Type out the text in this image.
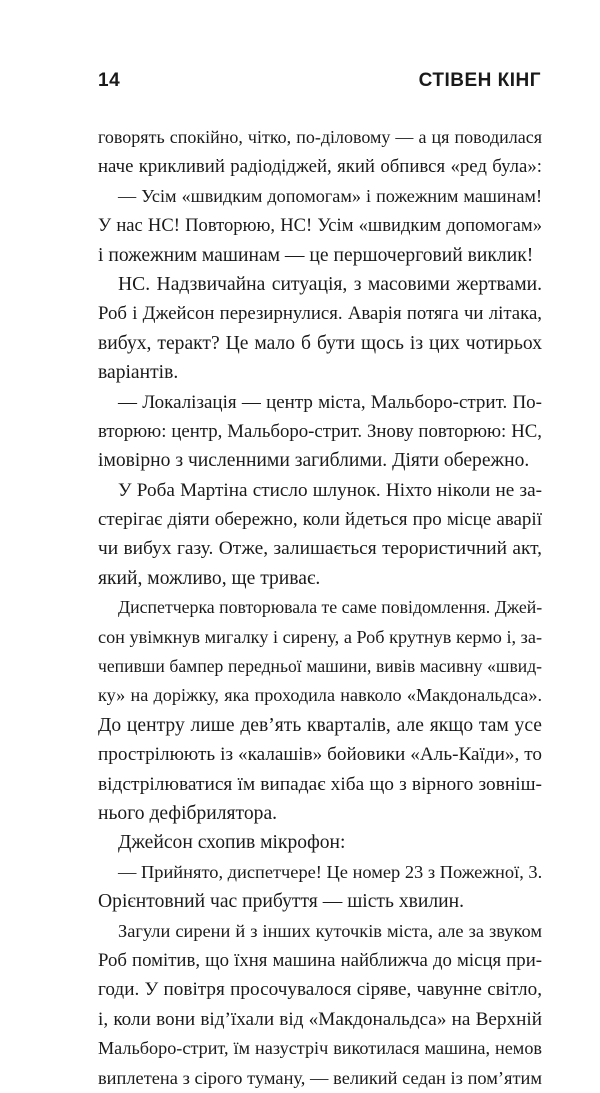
14	СТІВЕН КІНГ
говорять спокійно, чітко, по-діловому — а ця поводилася
наче крикливий радіодіджей, який обпився «ред була»:
— Усім «швидким допомогам» і пожежним машинам!
У нас НС! Повторюю, НС! Усім «швидким допомогам»
і пожежним машинам — це першочерговий виклик!
НС. Надзвичайна ситуація, з масовими жертвами.
Роб і Джейсон перезирнулися. Аварія потяга чи літака,
вибух, теракт? Це мало б бути щось із цих чотирьох
варіантів.
— Локалізація — центр міста, Мальборо-стрит. По-
вторюю: центр, Мальборо-стрит. Знову повторюю: НС,
імовірно з численними загиблими. Діяти обережно.
У Роба Мартіна стисло шлунок. Ніхто ніколи не за-
стерігає діяти обережно, коли йдеться про місце аварії
чи вибух газу. Отже, залишається терористичний акт,
який, можливо, ще триває.
Диспетчерка повторювала те саме повідомлення. Джей-
сон увімкнув мигалку і сирену, а Роб крутнув кермо і, за-
чепивши бампер передньої машини, вивів масивну «швид-
ку» на доріжку, яка проходила навколо «Макдональдса».
До центру лише дев’ять кварталів, але якщо там усе
прострілюють із «калашів» бойовики «Аль-Каїди», то
відстрілюватися їм випадає хіба що з вірного зовніш-
нього дефібрилятора.
Джейсон схопив мікрофон:
— Прийнято, диспетчере! Це номер 23 з Пожежної, 3.
Орієнтовний час прибуття — шість хвилин.
Загули сирени й з інших куточків міста, але за звуком
Роб помітив, що їхня машина найближча до місця при-
годи. У повітря просочувалося сіряве, чавунне світло,
і, коли вони від’їхали від «Макдональдса» на Верхній
Мальборо-стрит, їм назустріч викотилася машина, немов
виплетена з сірого туману, — великий седан із пом’ятим
